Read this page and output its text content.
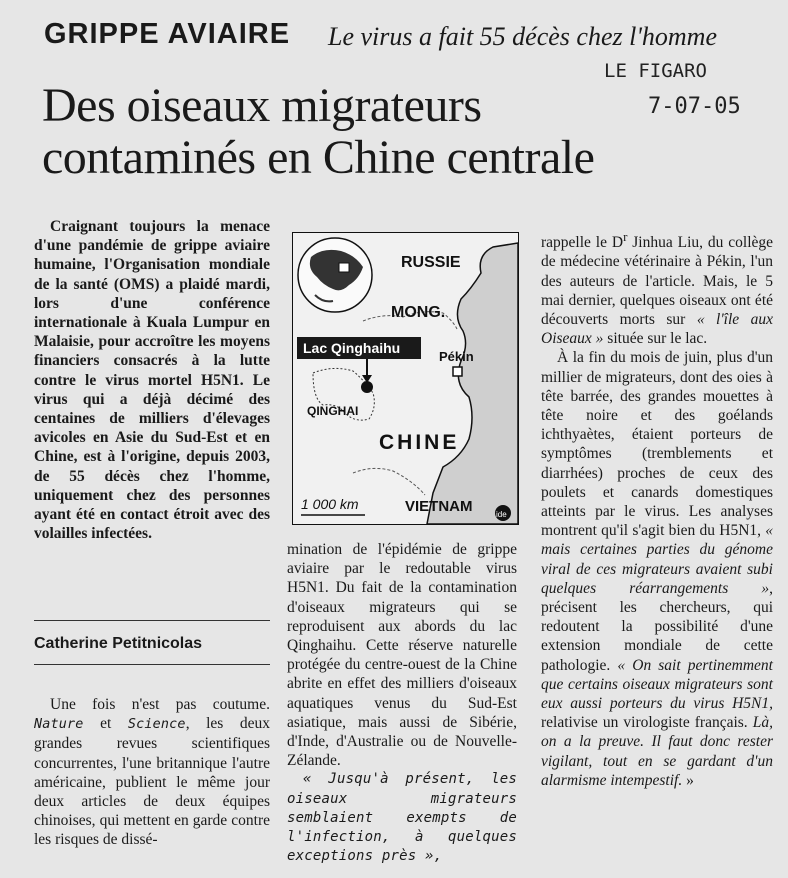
GRIPPE AVIAIRE Le virus a fait 55 décès chez l'homme
LE FIGARO
7-07-05
Des oiseaux migrateurs
contaminés en Chine centrale
Craignant toujours la menace d'une pandémie de grippe aviaire humaine, l'Organisation mondiale de la santé (OMS) a plaidé mardi, lors d'une conférence internationale à Kuala Lumpur en Malaisie, pour accroître les moyens financiers consacrés à la lutte contre le virus mortel H5N1. Le virus qui a déjà décimé des centaines de milliers d'élevages avicoles en Asie du Sud-Est et en Chine, est à l'origine, depuis 2003, de 55 décès chez l'homme, uniquement chez des personnes ayant été en contact étroit avec des volailles infectées.
Catherine Petitnicolas
Une fois n'est pas coutume. Nature et Science, les deux grandes revues scientifiques concurrentes, l'une britannique l'autre américaine, publient le même jour deux articles de deux équipes chinoises, qui mettent en garde contre les risques de dissé-
Lac Qinghaihu
RUSSIE
MONG.
Pékin
QINGHAI
CHINE
VIETNAM
1 000 km
ide

mination de l'épidémie de grippe aviaire par le redoutable virus H5N1. Du fait de la contamination d'oiseaux migrateurs qui se reproduisent aux abords du lac Qinghaihu. Cette réserve naturelle protégée du centre-ouest de la Chine abrite en effet des milliers d'oiseaux aquatiques venus du Sud-Est asiatique, mais aussi de Sibérie, d'Inde, d'Australie ou de Nouvelle-Zélande.

« Jusqu'à présent, les oiseaux migrateurs semblaient exempts de l'infection, à quelques exceptions près »,

rappelle le $D^r$ Jinhua Liu, du collège de médecine vétérinaire à Pékin, l'un des auteurs de l'article. Mais, le 5 mai dernier, quelques oiseaux ont été découverts morts sur « l'île aux Oiseaux » située sur le lac.

À la fin du mois de juin, plus d'un millier de migrateurs, dont des oies à tête barrée, des grandes mouettes à tête noire et des goélands ichthyaètes, étaient porteurs de symptômes (tremblements et diarrhées) proches de ceux des poulets et canards domestiques atteints par le virus. Les analyses montrent qu'il s'agit bien du H5N1, « mais certaines parties du génome viral de ces migrateurs avaient subi quelques réarrangements », précisent les chercheurs, qui redoutent la possibilité d'une extension mondiale de cette pathologie. « On sait pertinemment que certains oiseaux migrateurs sont eux aussi porteurs du virus H5N1, relativise un virologiste français. Là, on a la preuve. Il faut donc rester vigilant, tout en se gardant d'un alarmisme intempestif. »
